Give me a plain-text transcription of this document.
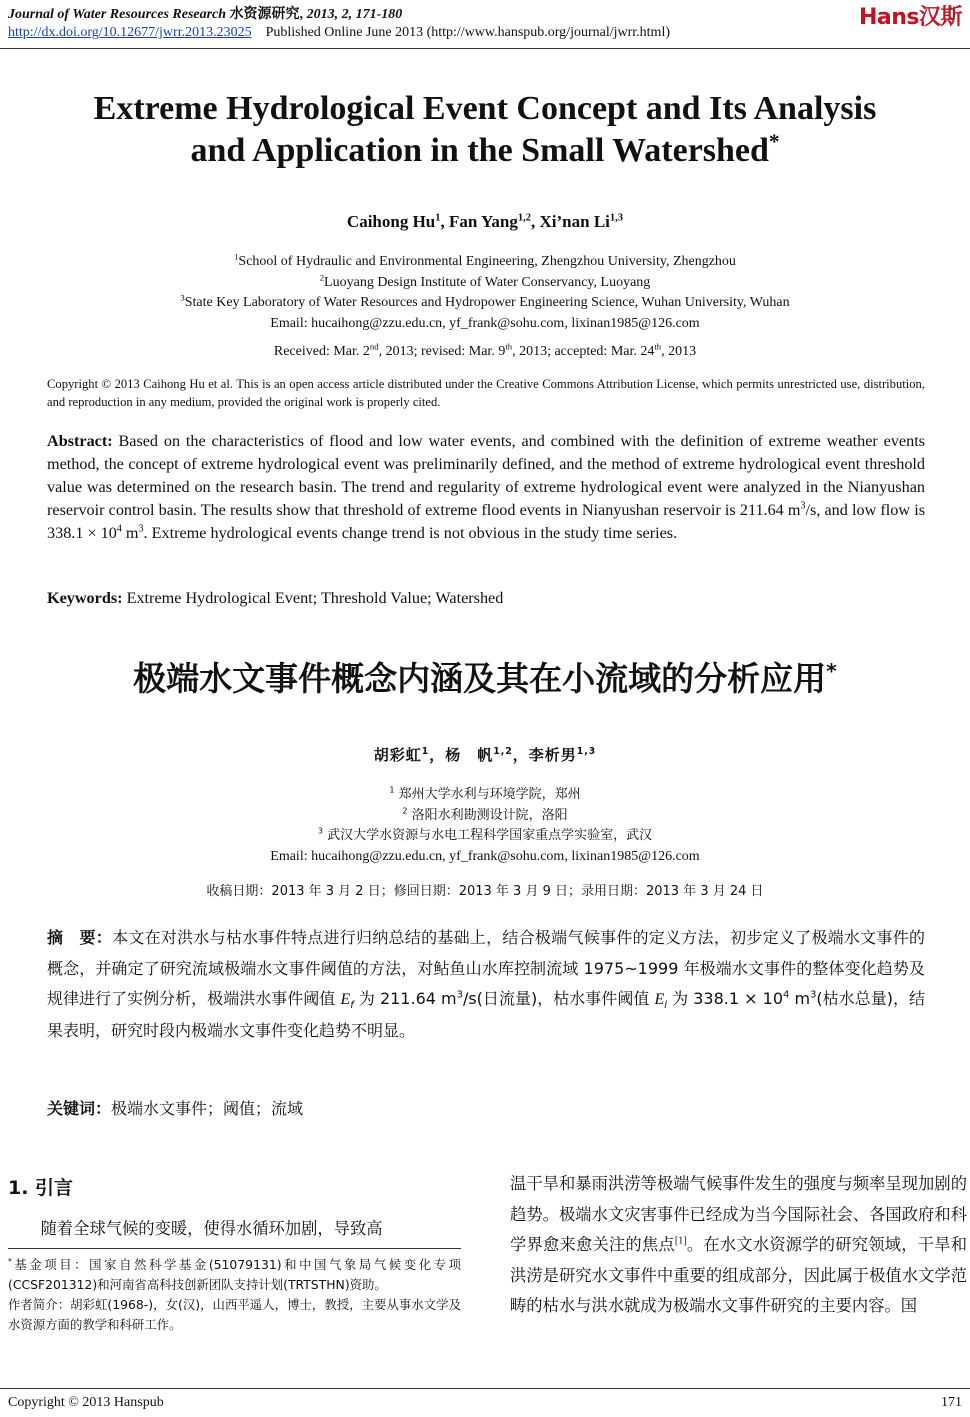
Journal of Water Resources Research 水资源研究, 2013, 2, 171-180
http://dx.doi.org/10.12677/jwrr.2013.23025 Published Online June 2013 (http://www.hanspub.org/journal/jwrr.html)
Hans汉斯
Extreme Hydrological Event Concept and Its Analysis
and Application in the Small Watershed*
Caihong Hu$^1$, Fan Yang$^{1,2}$, Xi’nan Li$^{1,3}$
$^1$School of Hydraulic and Environmental Engineering, Zhengzhou University, Zhengzhou
$^2$Luoyang Design Institute of Water Conservancy, Luoyang
$^3$State Key Laboratory of Water Resources and Hydropower Engineering Science, Wuhan University, Wuhan
Email: hucaihong@zzu.edu.cn, yf_frank@sohu.com, lixinan1985@126.com
Received: Mar. 2nd, 2013; revised: Mar. 9th, 2013; accepted: Mar. 24th, 2013
Copyright © 2013 Caihong Hu et al. This is an open access article distributed under the Creative Commons Attribution License, which permits unrestricted use, distribution, and reproduction in any medium, provided the original work is properly cited.
Abstract: Based on the characteristics of flood and low water events, and combined with the definition of extreme weather events method, the concept of extreme hydrological event was preliminarily defined, and the method of extreme hydrological event threshold value was determined on the research basin. The trend and regularity of extreme hydrological event were analyzed in the Nianyushan reservoir control basin. The results show that threshold of extreme flood events in Nianyushan reservoir is 211.64 $m^3/s$, and low flow is $338.1 \times 10^4$ $m^3$. Extreme hydrological events change trend is not obvious in the study time series.
Keywords: Extreme Hydrological Event; Threshold Value; Watershed
极端水文事件概念内涵及其在小流域的分析应用*
胡彩虹$^1$，杨　帆$^{1,2}$，李析男$^{1,3}$
$^1$ 郑州大学水利与环境学院，郑州
$^2$ 洛阳水利勘测设计院，洛阳
$^3$ 武汉大学水资源与水电工程科学国家重点学实验室，武汉
Email: hucaihong@zzu.edu.cn, yf_frank@sohu.com, lixinan1985@126.com
收稿日期：2013 年 3 月 2 日；修回日期：2013 年 3 月 9 日；录用日期：2013 年 3 月 24 日
摘　要：本文在对洪水与枯水事件特点进行归纳总结的基础上，结合极端气候事件的定义方法，初步定义了极端水文事件的概念，并确定了研究流域极端水文事件阈值的方法，对鲇鱼山水库控制流域 1975~1999 年极端水文事件的整体变化趋势及规律进行了实例分析，极端洪水事件阈值 $E_f$ 为 211.64 $m^3/s$(日流量)，枯水事件阈值 $E_l$ 为 $338.1 \times 10^4$ $m^3$(枯水总量)，结果表明，研究时段内极端水文事件变化趋势不明显。
关键词：极端水文事件；阈值；流域
1. 引言
随着全球气候的变暖，使得水循环加剧，导致高
*基金项目：国家自然科学基金(51079131)和中国气象局气候变化专项(CCSF201312)和河南省高科技创新团队支持计划(TRTSTHN)资助。
作者简介：胡彩虹(1968-)，女(汉)，山西平遥人，博士，教授，主要从事水文学及水资源方面的教学和科研工作。
温干旱和暴雨洪涝等极端气候事件发生的强度与频率呈现加剧的趋势。极端水文灾害事件已经成为当今国际社会、各国政府和科学界愈来愈关注的焦点[1]。在水文水资源学的研究领域，干旱和洪涝是研究水文事件中重要的组成部分，因此属于极值水文学范畴的枯水与洪水就成为极端水文事件研究的主要内容。国
Copyright © 2013 Hanspub	171
